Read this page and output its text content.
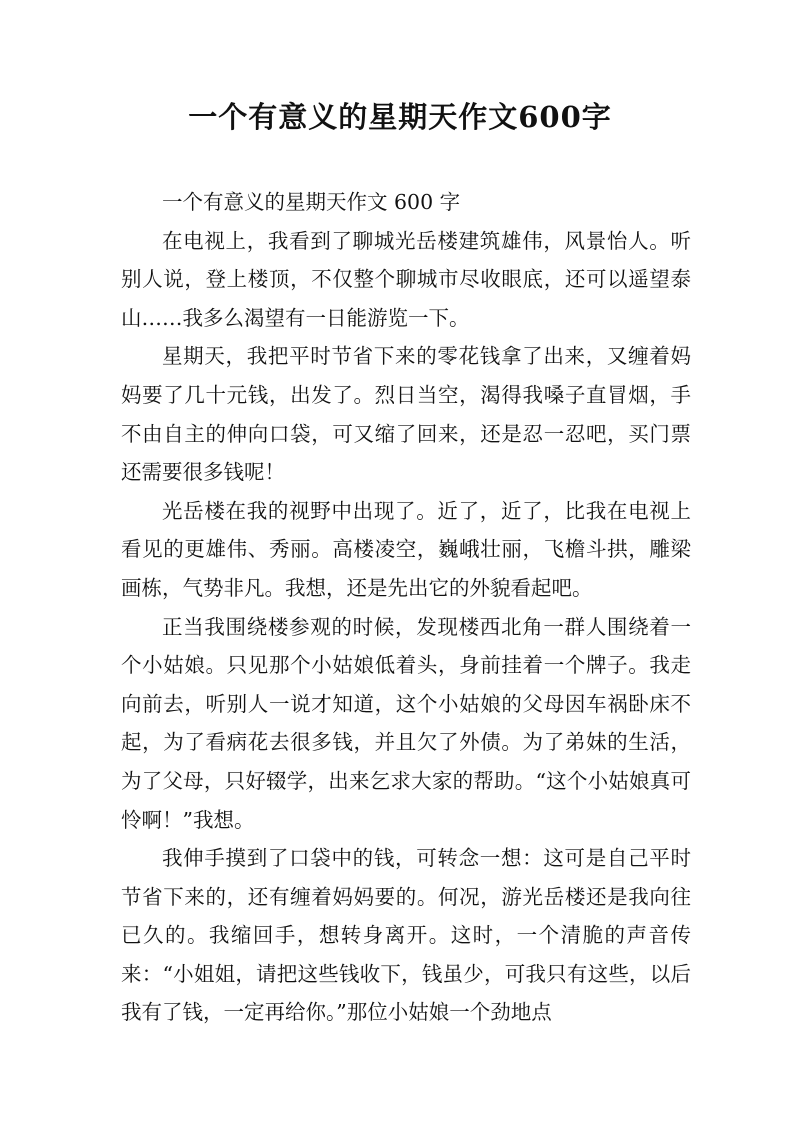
一个有意义的星期天作文600字

一个有意义的星期天作文 600 字

在电视上，我看到了聊城光岳楼建筑雄伟，风景怡人。听别人说，登上楼顶，不仅整个聊城市尽收眼底，还可以遥望泰山……我多么渴望有一日能游览一下。

星期天，我把平时节省下来的零花钱拿了出来，又缠着妈妈要了几十元钱，出发了。烈日当空，渴得我嗓子直冒烟，手不由自主的伸向口袋，可又缩了回来，还是忍一忍吧，买门票还需要很多钱呢！

光岳楼在我的视野中出现了。近了，近了，比我在电视上看见的更雄伟、秀丽。高楼凌空，巍峨壮丽，飞檐斗拱，雕梁画栋，气势非凡。我想，还是先出它的外貌看起吧。

正当我围绕楼参观的时候，发现楼西北角一群人围绕着一个小姑娘。只见那个小姑娘低着头，身前挂着一个牌子。我走向前去，听别人一说才知道，这个小姑娘的父母因车祸卧床不起，为了看病花去很多钱，并且欠了外债。为了弟妹的生活，为了父母，只好辍学，出来乞求大家的帮助。“这个小姑娘真可怜啊！”我想。

我伸手摸到了口袋中的钱，可转念一想：这可是自己平时节省下来的，还有缠着妈妈要的。何况，游光岳楼还是我向往已久的。我缩回手，想转身离开。这时，一个清脆的声音传来：“小姐姐，请把这些钱收下，钱虽少，可我只有这些，以后我有了钱，一定再给你。”那位小姑娘一个劲地点
